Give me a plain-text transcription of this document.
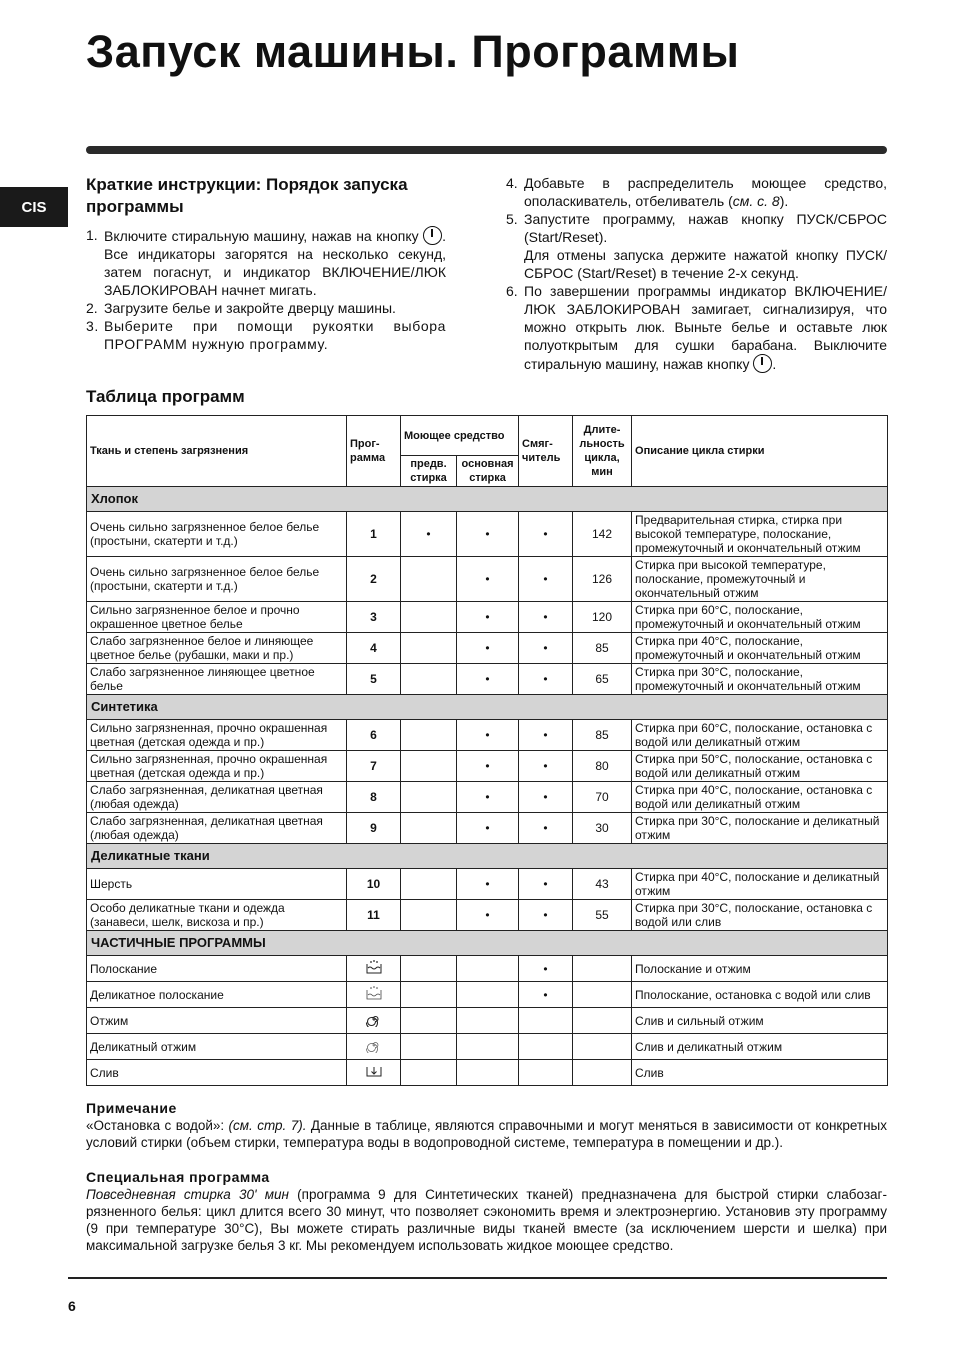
Запуск машины. Программы
CIS
Краткие инструкции: Порядок запуска программы
1. Включите стиральную машину, нажав на кнопку . Все индикаторы загорятся на несколько секунд, затем погаснут, и индикатор ВКЛЮЧЕНИЕ/ЛЮК ЗАБЛОКИРОВАН начнет мигать.
2. Загрузите белье и закройте дверцу машины.
3. Выберите при помощи рукоятки выбора ПРОГРАММ нужную программу.
4. Добавьте в распределитель моющее средство, ополаскиватель, отбеливатель (см. с. 8).
5. Запустите программу, нажав кнопку ПУСК/СБРОС (Start/Reset).
Для отмены запуска держите нажатой кнопку ПУСК/СБРОС (Start/Reset) в течение 2-х секунд.
6. По завершении программы индикатор ВКЛЮЧЕНИЕ/ЛЮК ЗАБЛОКИРОВАН замигает, сигнализируя, что можно открыть люк. Выньте белье и оставьте люк полуоткрытым для сушки барабана. Выключите стиральную машину, нажав кнопку .
Таблица программ
Ткань и степень загрязнения	Прог-рамма	Моющее средство		Смяг-читель	Длите-льность цикла, мин	Описание цикла стирки
		предв. стирка	основная стирка			
Хлопок						
Очень сильно загрязненное белое белье (простыни, скатерти и т.д.)	1	•	•	•	142	Предварительная стирка, стирка при высокой температуре, полоскание, промежуточный и окончательный отжим
Очень сильно загрязненное белое белье (простыни, скатерти и т.д.)	2		•	•	126	Стирка при высокой температуре, полоскание, промежуточный и окончательный отжим
Сильно загрязненное белое и прочно окрашенное цветное белье	3		•	•	120	Стирка при 60°С, полоскание, промежуточный и окончательный отжим
Слабо загрязненное белое и линяющее цветное белье (рубашки, маки и пр.)	4		•	•	85	Стирка при 40°С, полоскание, промежуточный и окончательный отжим
Слабо загрязненное линяющее цветное белье	5		•	•	65	Стирка при 30°С, полоскание, промежуточный и окончательный отжим
Синтетика						
Сильно загрязненная, прочно окрашенная цветная (детская одежда и пр.)	6		•	•	85	Стирка при 60°С, полоскание, остановка с водой или деликатный отжим
Сильно загрязненная, прочно окрашенная цветная (детская одежда и пр.)	7		•	•	80	Стирка при 50°С, полоскание, остановка с водой или деликатный отжим
Слабо загрязненная, деликатная цветная (любая одежда)	8		•	•	70	Стирка при 40°С, полоскание, остановка с водой или деликатный отжим
Слабо загрязненная, деликатная цветная (любая одежда)	9		•	•	30	Стирка при 30°С, полоскание и деликатный отжим
Деликатные ткани						
Шерсть	10		•	•	43	Стирка при 40°С, полоскание и деликатный отжим
Особо деликатные ткани и одежда (занавеси, шелк, вискоза и пр.)	11		•	•	55	Стирка при 30°С, полоскание, остановка с водой или слив
ЧАСТИЧНЫЕ ПРОГРАММЫ						
Полоскание				•		Полоскание и отжим
Деликатное полоскание				•		Пполоскание, остановка с водой или слив
Отжим						Слив и сильный отжим
Деликатный отжим						Слив и деликатный отжим
Слив						Слив
Примечание
«Остановка с водой»: (см. стр. 7). Данные в таблице, являются справочными и могут меняться в зависимости от конкретных условий стирки (объем стирки, температура воды в водопроводной системе, температура в помещении и др.).
Специальная программа
Повседневная стирка 30' мин (программа 9 для Синтетических тканей) предназначена для быстрой стирки слабозаг-рязненного белья: цикл длится всего 30 минут, что позволяет сэкономить время и электроэнергию. Установив эту программу (9 при температуре 30°С), Вы можете стирать различные виды тканей вместе (за исключением шерсти и шелка) при максимальной загрузке белья 3 кг. Мы рекомендуем использовать жидкое моющее средство.
6
